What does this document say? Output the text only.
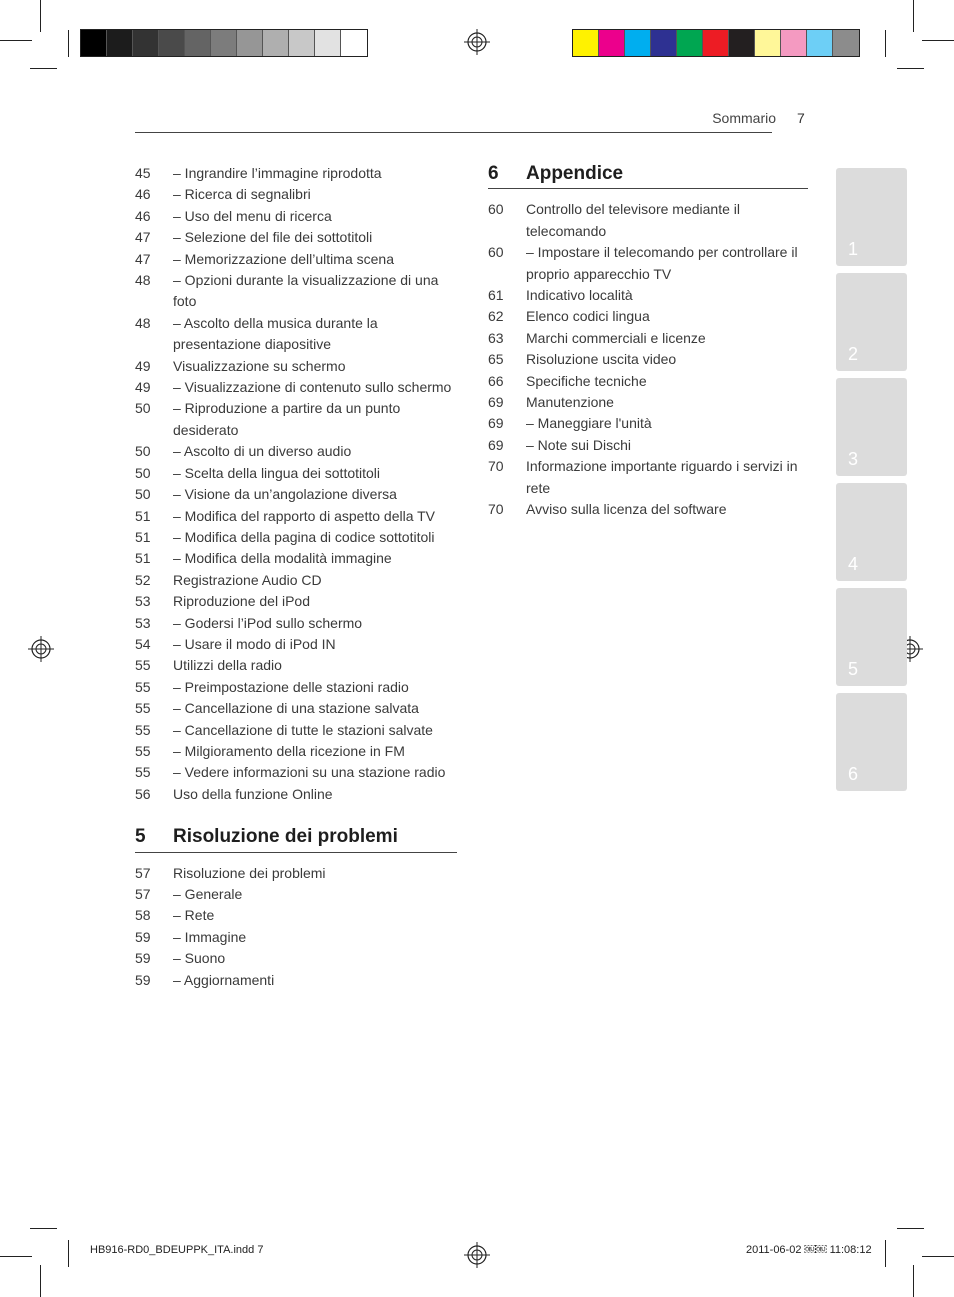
Sommario 7
45	– Ingrandire l’immagine riprodotta
46	– Ricerca di segnalibri
46	– Uso del menu di ricerca
47	– Selezione del file dei sottotitoli
47	– Memorizzazione dell’ultima scena
48	– Opzioni durante la visualizzazione di una foto
48	– Ascolto della musica durante la presentazione diapositive
49	Visualizzazione su schermo
49	– Visualizzazione di contenuto sullo schermo
50	– Riproduzione a partire da un punto desiderato
50	– Ascolto di un diverso audio
50	– Scelta della lingua dei sottotitoli
50	– Visione da un’angolazione diversa
51	– Modifica del rapporto di aspetto della TV
51	– Modifica della pagina di codice sottotitoli
51	– Modifica della modalità immagine
52	Registrazione Audio CD
53	Riproduzione del iPod
53	– Godersi l’iPod sullo schermo
54	– Usare il modo di iPod IN
55	Utilizzi della radio
55	– Preimpostazione delle stazioni radio
55	– Cancellazione di una stazione salvata
55	– Cancellazione di tutte le stazioni salvate
55	– Milgioramento della ricezione in FM
55	– Vedere informazioni su una stazione radio
56	Uso della funzione Online
5	Risoluzione dei problemi
57	Risoluzione dei problemi
57	– Generale
58	– Rete
59	– Immagine
59	– Suono
59	– Aggiornamenti
6	Appendice
60	Controllo del televisore mediante il telecomando
60	– Impostare il telecomando per controllare il proprio apparecchio TV
61	Indicativo località
62	Elenco codici lingua
63	Marchi commerciali e licenze
65	Risoluzione uscita video
66	Specifiche tecniche
69	Manutenzione
69	– Maneggiare l'unità
69	– Note sui Dischi
70	Informazione importante riguardo i servizi in rete
70	Avviso sulla licenza del software
1
2
3
4
5
6
HB916-RD0_BDEUPPK_ITA.indd 7	2011-06-02 ￼￼ 11:08:12
